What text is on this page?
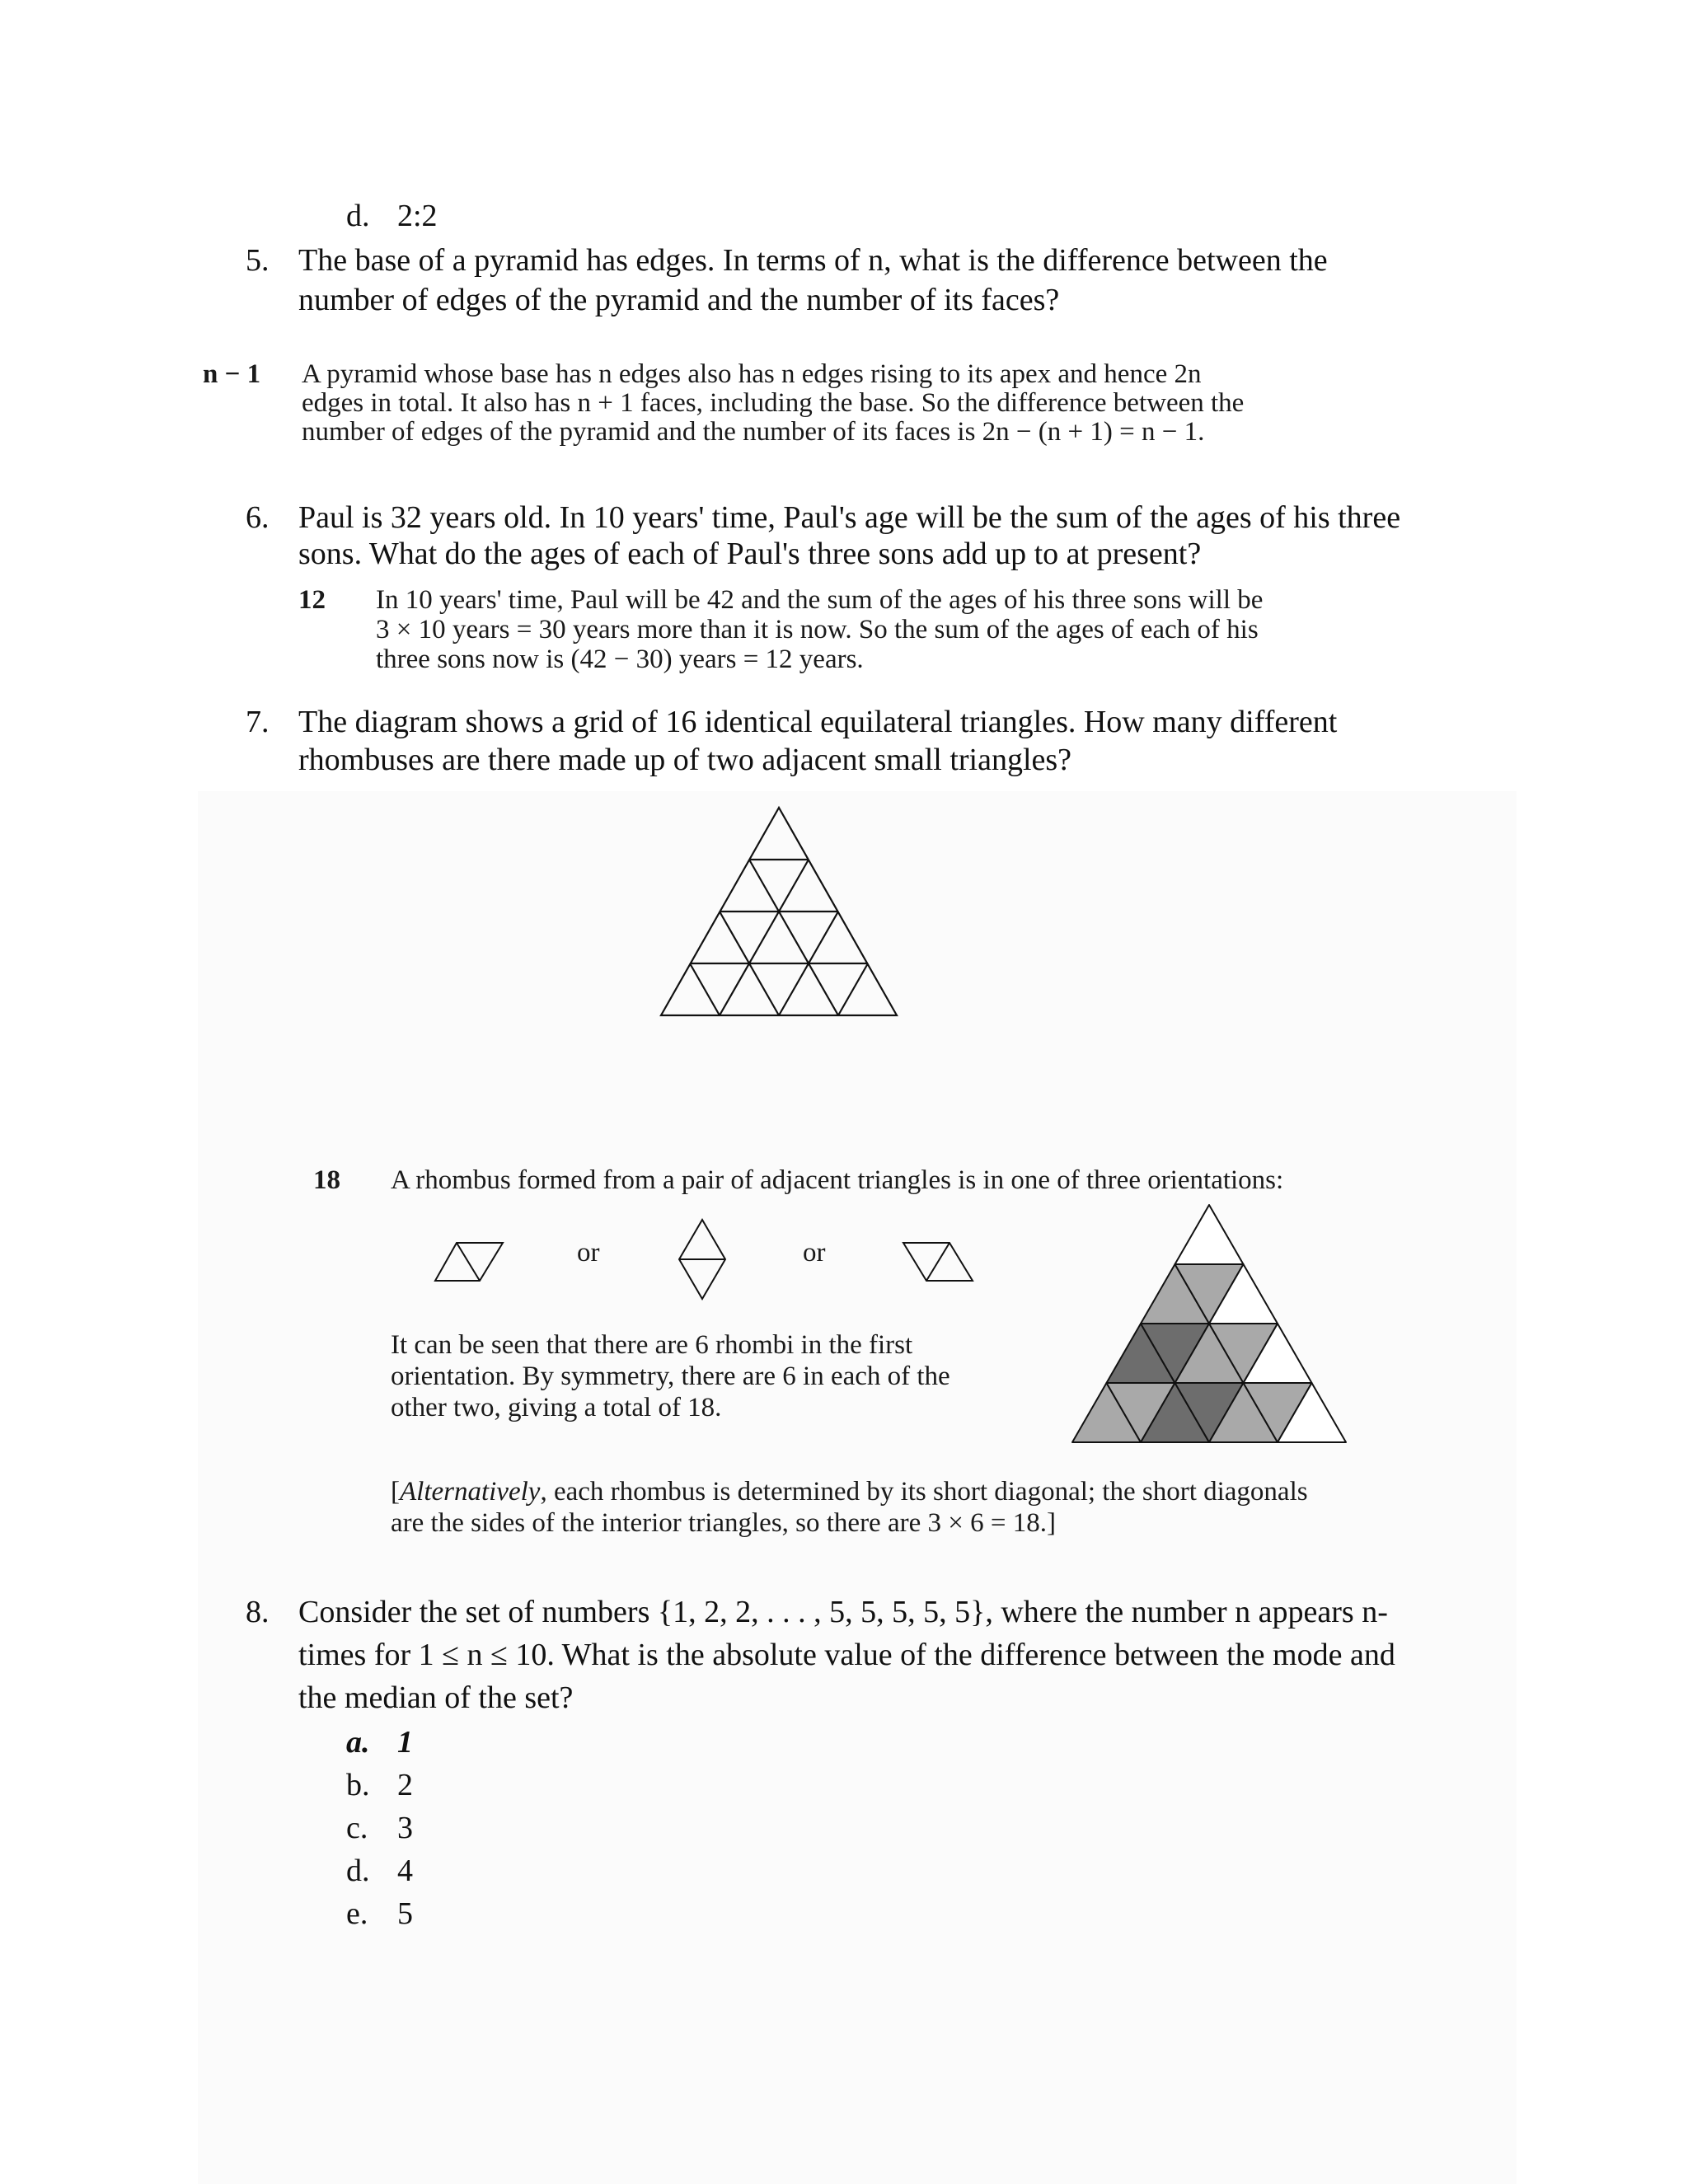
d. 2:2
5. The base of a pyramid has edges. In terms of n, what is the difference between the
number of edges of the pyramid and the number of its faces?
n − 1 A pyramid whose base has n edges also has n edges rising to its apex and hence 2n
edges in total. It also has n + 1 faces, including the base. So the difference between the
number of edges of the pyramid and the number of its faces is 2n − (n + 1) = n − 1.
6. Paul is 32 years old. In 10 years' time, Paul's age will be the sum of the ages of his three
sons. What do the ages of each of Paul's three sons add up to at present?
12 In 10 years' time, Paul will be 42 and the sum of the ages of his three sons will be
3 × 10 years = 30 years more than it is now. So the sum of the ages of each of his
three sons now is (42 − 30) years = 12 years.
7. The diagram shows a grid of 16 identical equilateral triangles. How many different
rhombuses are there made up of two adjacent small triangles?
18 A rhombus formed from a pair of adjacent triangles is in one of three orientations:
or	or
It can be seen that there are 6 rhombi in the first
orientation. By symmetry, there are 6 in each of the
other two, giving a total of 18.
[Alternatively, each rhombus is determined by its short diagonal; the short diagonals
are the sides of the interior triangles, so there are 3 × 6 = 18.]
8. Consider the set of numbers {1, 2, 2, . . . , 5, 5, 5, 5, 5}, where the number n appears n-
times for 1 ≤ n ≤ 10. What is the absolute value of the difference between the mode and
the median of the set?
a. 1
b. 2
c. 3
d. 4
e. 5
